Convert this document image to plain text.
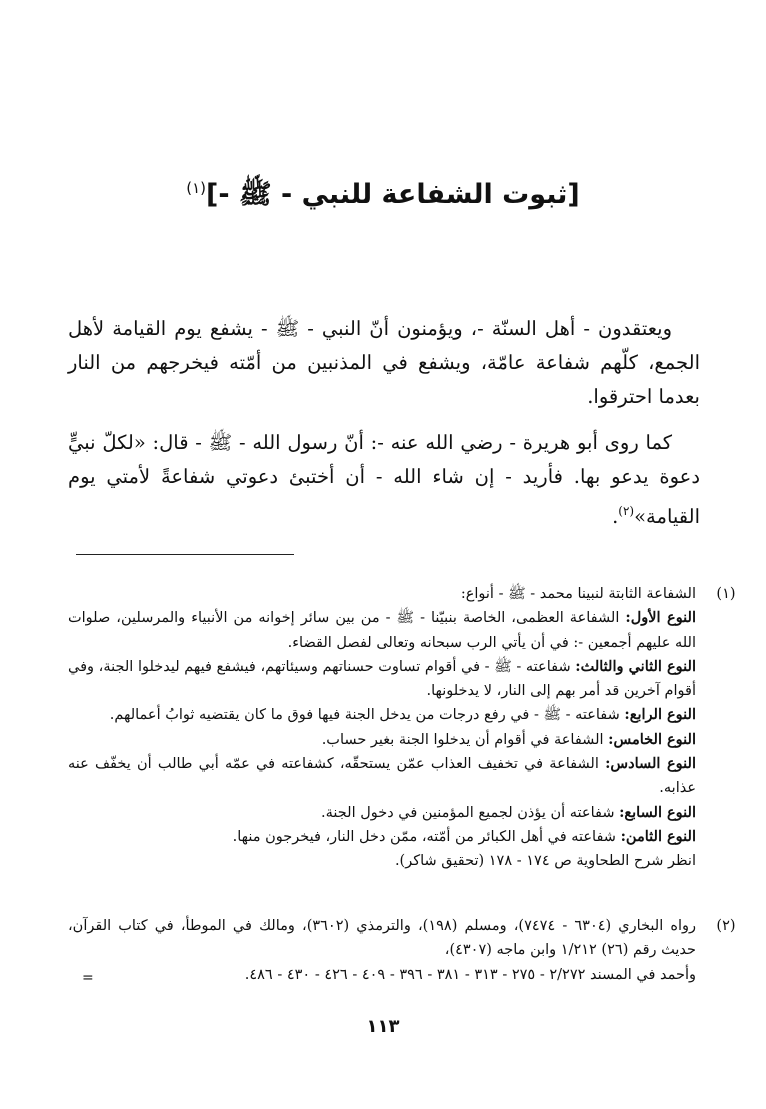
[ثبوت الشفاعة للنبي - ﷺ -]$^{(١)}$

ويعتقدون - أهل السنّة -، ويؤمنون أنّ النبي - ﷺ - يشفع يوم القيامة لأهل الجمع، كلّهم شفاعة عامّة، ويشفع في المذنبين من أمّته فيخرجهم من النار بعدما احترقوا.

كما روى أبو هريرة - رضي الله عنه -: أنّ رسول الله - ﷺ - قال: «لكلّ نبيٍّ دعوة يدعو بها. فأريد - إن شاء الله - أن أختبئ دعوتي شفاعةً لأمتي يوم القيامة»$^{(٢)}$.

(١)
الشفاعة الثابتة لنبينا محمد - ﷺ - أنواع:
النوع الأول: الشفاعة العظمى، الخاصة بنبيّنا - ﷺ - من بين سائر إخوانه من الأنبياء والمرسلين، صلوات الله عليهم أجمعين -: في أن يأتي الرب سبحانه وتعالى لفصل القضاء.
النوع الثاني والثالث: شفاعته - ﷺ - في أقوام تساوت حسناتهم وسيئاتهم، فيشفع فيهم ليدخلوا الجنة، وفي أقوام آخرين قد أمر بهم إلى النار، لا يدخلونها.
النوع الرابع: شفاعته - ﷺ - في رفع درجات من يدخل الجنة فيها فوق ما كان يقتضيه ثوابُ أعمالهم.
النوع الخامس: الشفاعة في أقوام أن يدخلوا الجنة بغير حساب.
النوع السادس: الشفاعة في تخفيف العذاب عمّن يستحقّه، كشفاعته في عمّه أبي طالب أن يخفّف عنه عذابه.
النوع السابع: شفاعته أن يؤذن لجميع المؤمنين في دخول الجنة.
النوع الثامن: شفاعته في أهل الكبائر من أمّته، ممّن دخل النار، فيخرجون منها.
انظر شرح الطحاوية ص ١٧٤ - ١٧٨ (تحقيق شاكر).
(٢)
رواه البخاري (٦٣٠٤ - ٧٤٧٤)، ومسلم (١٩٨)، والترمذي (٣٦٠٢)، ومالك في الموطأ، في كتاب القرآن، حديث رقم (٢٦) ١/٢١٢ وابن ماجه (٤٣٠٧)،
وأحمد في المسند ٢/٢٧٢ - ٢٧٥ - ٣١٣ - ٣٨١ - ٣٩٦ - ٤٠٩ - ٤٢٦ - ٤٣٠ - ٤٨٦.
=
١١٣
